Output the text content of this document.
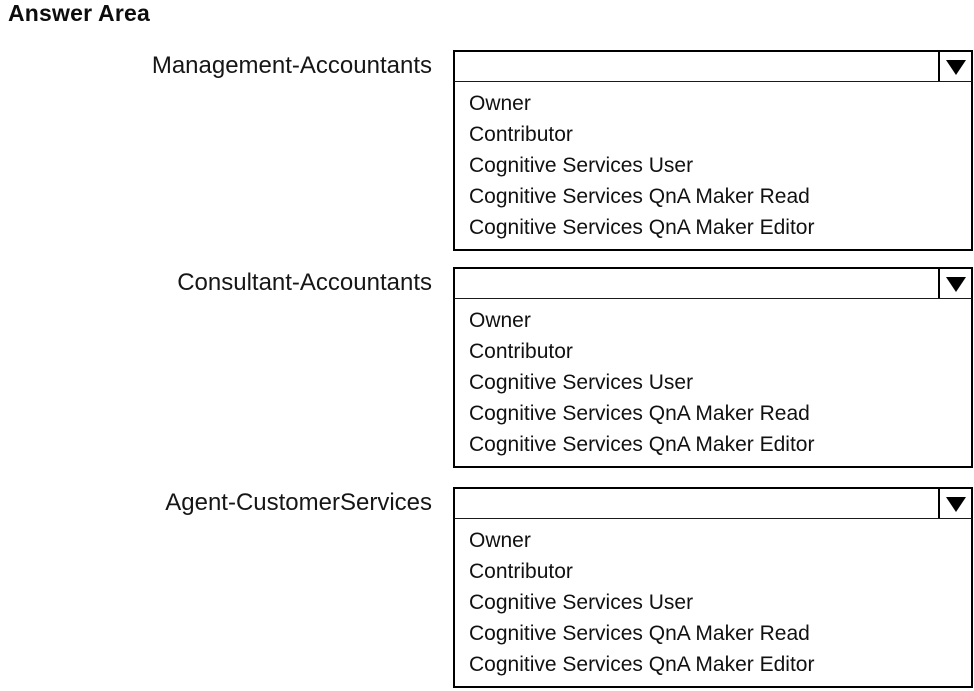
Answer Area
Management-Accountants
Owner
Contributor
Cognitive Services User
Cognitive Services QnA Maker Read
Cognitive Services QnA Maker Editor
Consultant-Accountants
Owner
Contributor
Cognitive Services User
Cognitive Services QnA Maker Read
Cognitive Services QnA Maker Editor
Agent-CustomerServices
Owner
Contributor
Cognitive Services User
Cognitive Services QnA Maker Read
Cognitive Services QnA Maker Editor
